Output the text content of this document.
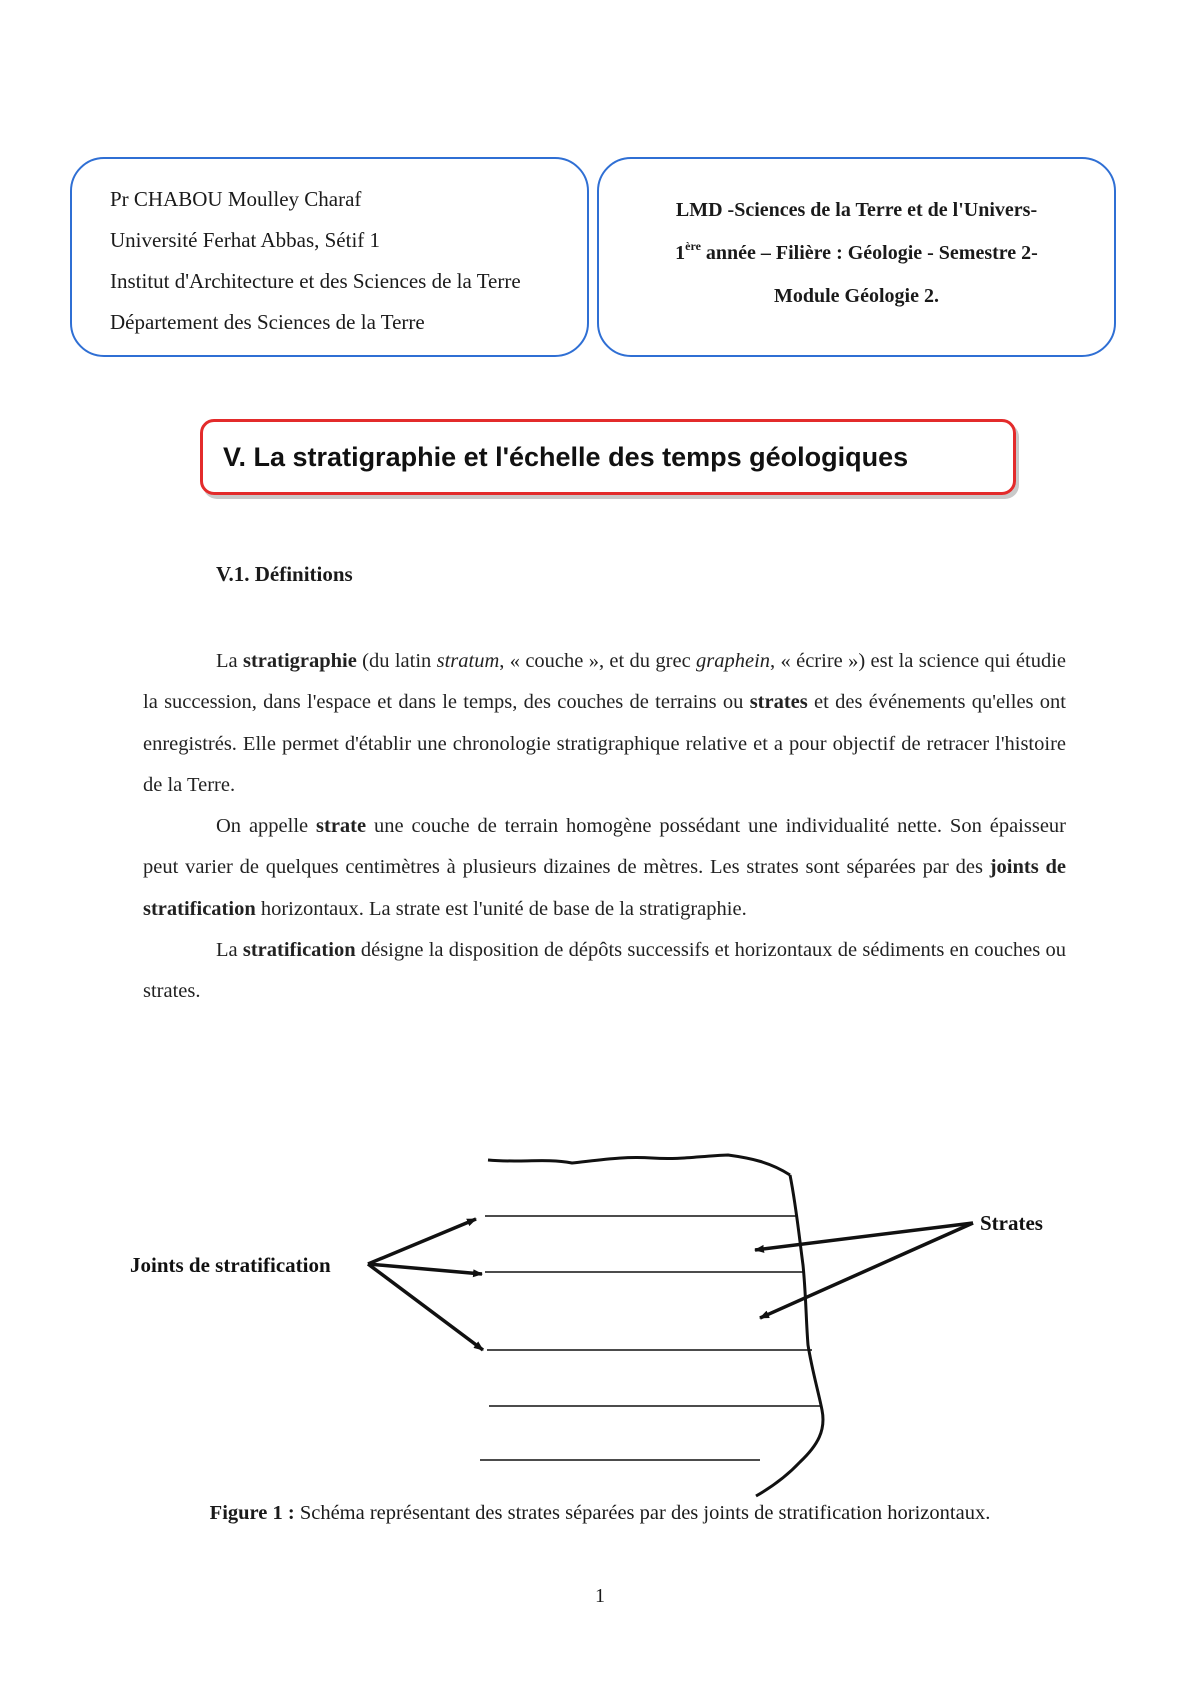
Pr CHABOU Moulley Charaf
Université Ferhat Abbas, Sétif 1
Institut d'Architecture et des Sciences de la Terre
Département des Sciences de la Terre
LMD -Sciences de la Terre et de l'Univers-
1ère année – Filière : Géologie - Semestre 2-
Module Géologie 2.
V. La stratigraphie et l'échelle des temps géologiques
V.1. Définitions

La stratigraphie (du latin stratum, « couche », et du grec graphein, « écrire ») est la science qui étudie la succession, dans l'espace et dans le temps, des couches de terrains ou strates et des événements qu'elles ont enregistrés. Elle permet d'établir une chronologie stratigraphique relative et a pour objectif de retracer l'histoire de la Terre.

On appelle strate une couche de terrain homogène possédant une individualité nette. Son épaisseur peut varier de quelques centimètres à plusieurs dizaines de mètres. Les strates sont séparées par des joints de stratification horizontaux. La strate est l'unité de base de la stratigraphie.

La stratification désigne la disposition de dépôts successifs et horizontaux de sédiments en couches ou strates.

Joints de stratification
Strates
Figure 1 : Schéma représentant des strates séparées par des joints de stratification horizontaux.
1
